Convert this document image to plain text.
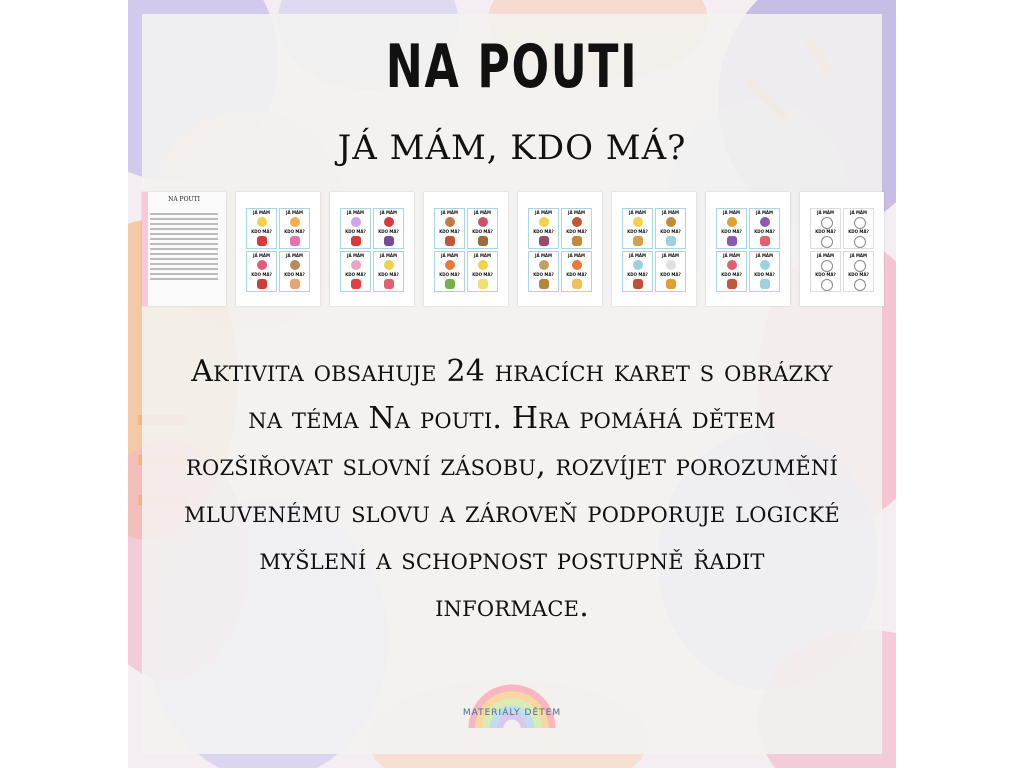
NA POUTI
JÁ MÁM, KDO MÁ?
NA POUTI
JÁ MÁM
KDO MÁ?
JÁ MÁM
KDO MÁ?
JÁ MÁM
KDO MÁ?
JÁ MÁM
KDO MÁ?
JÁ MÁM
KDO MÁ?
JÁ MÁM
KDO MÁ?
JÁ MÁM
KDO MÁ?
JÁ MÁM
KDO MÁ?
JÁ MÁM
KDO MÁ?
JÁ MÁM
KDO MÁ?
JÁ MÁM
KDO MÁ?
JÁ MÁM
KDO MÁ?
JÁ MÁM
KDO MÁ?
JÁ MÁM
KDO MÁ?
JÁ MÁM
KDO MÁ?
JÁ MÁM
KDO MÁ?
JÁ MÁM
KDO MÁ?
JÁ MÁM
KDO MÁ?
JÁ MÁM
KDO MÁ?
JÁ MÁM
KDO MÁ?
JÁ MÁM
KDO MÁ?
JÁ MÁM
KDO MÁ?
JÁ MÁM
KDO MÁ?
JÁ MÁM
KDO MÁ?
JÁ MÁM
KDO MÁ?
JÁ MÁM
KDO MÁ?
JÁ MÁM
KDO MÁ?
JÁ MÁM
KDO MÁ?
Aktivita obsahuje 24 hracích karet s obrázky na téma Na pouti. Hra pomáhá dětem rozšiřovat slovní zásobu, rozvíjet porozumění mluvenému slovu a zároveň podporuje logické myšlení a schopnost postupně řadit informace.
MATERIÁLY DĚTEM
